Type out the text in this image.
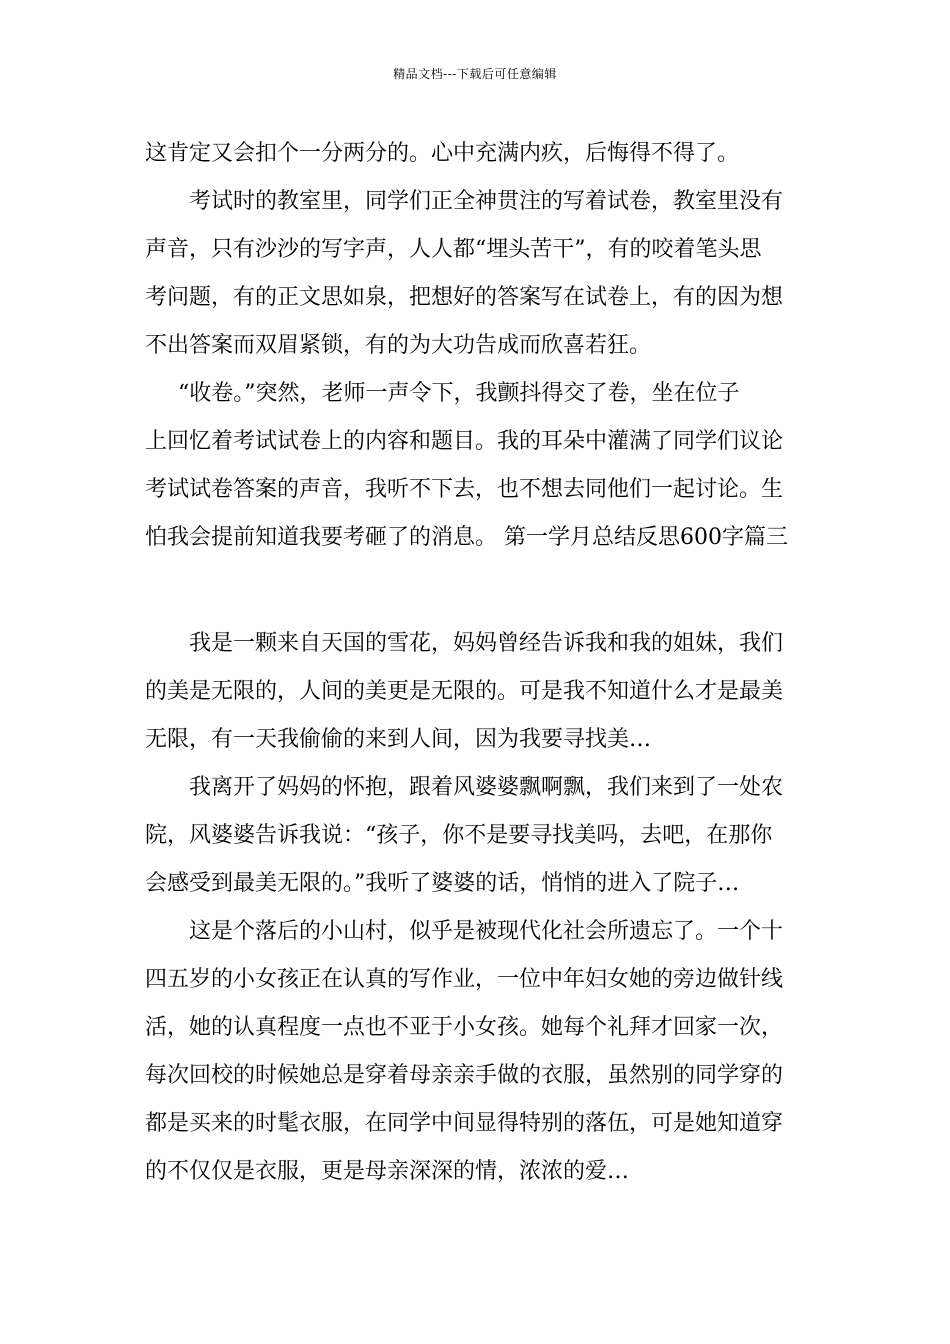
精品文档---下载后可任意编辑
这肯定又会扣个一分两分的。心中充满内疚，后悔得不得了。
考试时的教室里，同学们正全神贯注的写着试卷，教室里没有
声音，只有沙沙的写字声，人人都“埋头苦干”，有的咬着笔头思
考问题，有的正文思如泉，把想好的答案写在试卷上，有的因为想
不出答案而双眉紧锁，有的为大功告成而欣喜若狂。
“收卷。”突然，老师一声令下，我颤抖得交了卷，坐在位子
上回忆着考试试卷上的内容和题目。我的耳朵中灌满了同学们议论
考试试卷答案的声音，我听不下去，也不想去同他们一起讨论。生
怕我会提前知道我要考砸了的消息。 第一学月总结反思600字篇三
我是一颗来自天国的雪花，妈妈曾经告诉我和我的姐妹，我们
的美是无限的，人间的美更是无限的。可是我不知道什么才是最美
无限，有一天我偷偷的来到人间，因为我要寻找美…
我离开了妈妈的怀抱，跟着风婆婆飘啊飘，我们来到了一处农
院，风婆婆告诉我说：“孩子，你不是要寻找美吗，去吧，在那你
会感受到最美无限的。”我听了婆婆的话，悄悄的进入了院子…
这是个落后的小山村，似乎是被现代化社会所遗忘了。一个十
四五岁的小女孩正在认真的写作业，一位中年妇女她的旁边做针线
活，她的认真程度一点也不亚于小女孩。她每个礼拜才回家一次，
每次回校的时候她总是穿着母亲亲手做的衣服，虽然别的同学穿的
都是买来的时髦衣服，在同学中间显得特别的落伍，可是她知道穿
的不仅仅是衣服，更是母亲深深的情，浓浓的爱…
